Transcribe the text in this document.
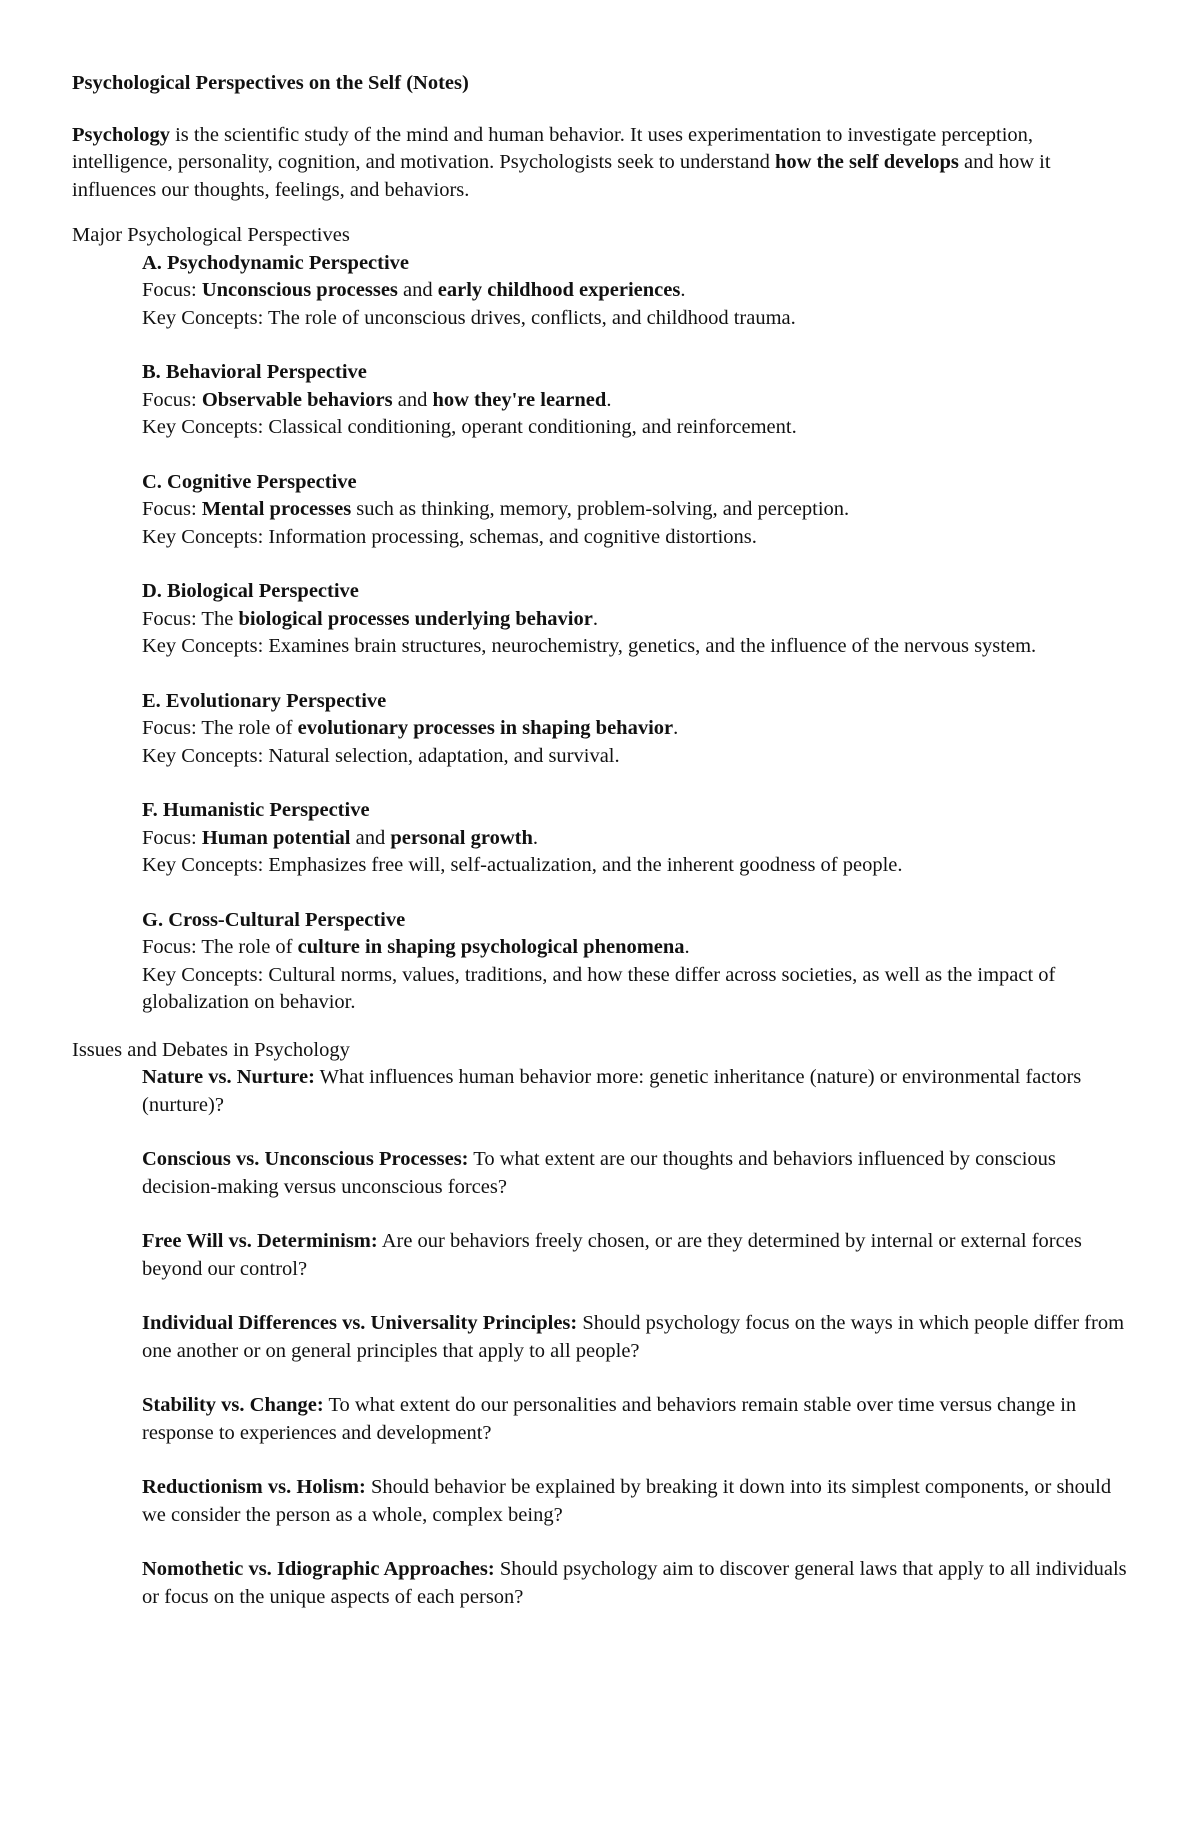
Psychological Perspectives on the Self (Notes)

Psychology is the scientific study of the mind and human behavior. It uses experimentation to investigate perception, intelligence, personality, cognition, and motivation. Psychologists seek to understand how the self develops and how it influences our thoughts, feelings, and behaviors.

Major Psychological Perspectives

A. Psychodynamic Perspective

Focus: Unconscious processes and early childhood experiences.

Key Concepts: The role of unconscious drives, conflicts, and childhood trauma.

B. Behavioral Perspective

Focus: Observable behaviors and how they're learned.

Key Concepts: Classical conditioning, operant conditioning, and reinforcement.

C. Cognitive Perspective

Focus: Mental processes such as thinking, memory, problem-solving, and perception.

Key Concepts: Information processing, schemas, and cognitive distortions.

D. Biological Perspective

Focus: The biological processes underlying behavior.

Key Concepts: Examines brain structures, neurochemistry, genetics, and the influence of the nervous system.

E. Evolutionary Perspective

Focus: The role of evolutionary processes in shaping behavior.

Key Concepts: Natural selection, adaptation, and survival.

F. Humanistic Perspective

Focus: Human potential and personal growth.

Key Concepts: Emphasizes free will, self-actualization, and the inherent goodness of people.

G. Cross-Cultural Perspective

Focus: The role of culture in shaping psychological phenomena.

Key Concepts: Cultural norms, values, traditions, and how these differ across societies, as well as the impact of globalization on behavior.

Issues and Debates in Psychology

Nature vs. Nurture: What influences human behavior more: genetic inheritance (nature) or environmental factors (nurture)?

Conscious vs. Unconscious Processes: To what extent are our thoughts and behaviors influenced by conscious decision-making versus unconscious forces?

Free Will vs. Determinism: Are our behaviors freely chosen, or are they determined by internal or external forces beyond our control?

Individual Differences vs. Universality Principles: Should psychology focus on the ways in which people differ from one another or on general principles that apply to all people?

Stability vs. Change: To what extent do our personalities and behaviors remain stable over time versus change in response to experiences and development?

Reductionism vs. Holism: Should behavior be explained by breaking it down into its simplest components, or should we consider the person as a whole, complex being?

Nomothetic vs. Idiographic Approaches: Should psychology aim to discover general laws that apply to all individuals or focus on the unique aspects of each person?
